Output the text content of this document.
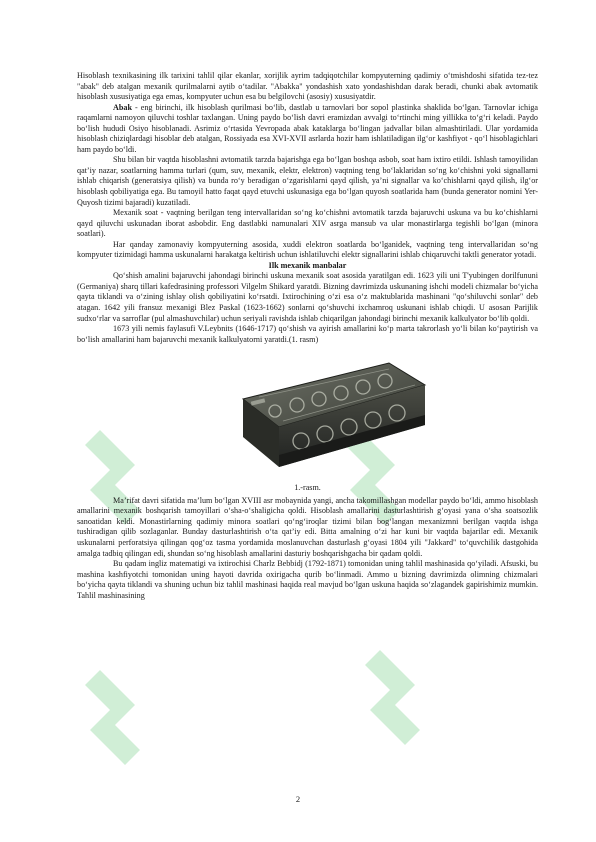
Hisoblash texnikasining ilk tarixini tahlil qilar ekanlar, xorijlik ayrim tadqiqotchilar kompyuterning qadimiy o‘tmishdoshi sifatida tez-tez "abak" deb atalgan mexanik qurilmalarni aytib o‘tadilar. "Abakka" yondashish xato yondashishdan darak beradi, chunki abak avtomatik hisoblash xususiyatiga ega emas, kompyuter uchun esa bu belgilovchi (asosiy) xususiyatdir.

Abak - eng birinchi, ilk hisoblash qurilmasi bo‘lib, dastlab u tarnovlari bor sopol plastinka shaklida bo‘lgan. Tarnovlar ichiga raqamlarni namoyon qiluvchi toshlar taxlangan. Uning paydo bo‘lish davri eramizdan avvalgi to‘rtinchi ming yillikka to‘g‘ri keladi. Paydo bo‘lish hududi Osiyo hisoblanadi. Asrimiz o‘rtasida Yevropada abak kataklarga bo‘lingan jadvallar bilan almashtiriladi. Ular yordamida hisoblash chiziqlardagi hisoblar deb atalgan, Rossiyada esa XVI-XVII asrlarda hozir ham ishlatiladigan ilg‘or kashfiyot - qo‘l hisoblagichlari ham paydo bo‘ldi.

Shu bilan bir vaqtda hisoblashni avtomatik tarzda bajarishga ega bo‘lgan boshqa asbob, soat ham ixtiro etildi. Ishlash tamoyilidan qat’iy nazar, soatlarning hamma turlari (qum, suv, mexanik, elektr, elektron) vaqtning teng bo‘laklaridan so‘ng ko‘chishni yoki signallarni ishlab chiqarish (generatsiya qilish) va bunda ro‘y beradigan o‘zgarishlarni qayd qilish, ya’ni signallar va ko‘chishlarni qayd qilish, ilg‘or hisoblash qobiliyatiga ega. Bu tamoyil hatto faqat qayd etuvchi uskunasiga ega bo‘lgan quyosh soatlarida ham (bunda generator nomini Yer-Quyosh tizimi bajaradi) kuzatiladi.

Mexanik soat - vaqtning berilgan teng intervallaridan so‘ng ko‘chishni avtomatik tarzda bajaruvchi uskuna va bu ko‘chishlarni qayd qiluvchi uskunadan iborat asbobdir. Eng dastlabki namunalari XIV asrga mansub va ular monastirlarga tegishli bo‘lgan (minora soatlari).

Har qanday zamonaviy kompyuterning asosida, xuddi elektron soatlarda bo‘lganidek, vaqtning teng intervallaridan so‘ng kompyuter tizimidagi hamma uskunalarni harakatga keltirish uchun ishlatiluvchi elektr signallarini ishlab chiqaruvchi taktli generator yotadi.

Ilk mexanik manbalar

Qo‘shish amalini bajaruvchi jahondagi birinchi uskuna mexanik soat asosida yaratilgan edi. 1623 yili uni T'yubingen dorilfununi (Germaniya) sharq tillari kafedrasining professori Vilgelm Shikard yaratdi. Bizning davrimizda uskunaning ishchi modeli chizmalar bo‘yicha qayta tiklandi va o‘zining ishlay olish qobiliyatini ko‘rsatdi. Ixtirochining o‘zi esa o‘z maktublarida mashinani "qo‘shiluvchi sonlar" deb atagan. 1642 yili fransuz mexanigi Blez Paskal (1623-1662) sonlarni qo‘shuvchi ixchamroq uskunani ishlab chiqdi. U asosan Parijlik sudxo‘rlar va sarroflar (pul almashuvchilar) uchun seriyali ravishda ishlab chiqarilgan jahondagi birinchi mexanik kalkulyator bo‘lib qoldi.

1673 yili nemis faylasufi V.Leybnits (1646-1717) qo‘shish va ayirish amallarini ko‘p marta takrorlash yo‘li bilan ko‘paytirish va bo‘lish amallarini ham bajaruvchi mexanik kalkulyatorni yaratdi.(1. rasm)

1.-rasm.

Ma’rifat davri sifatida ma’lum bo‘lgan XVIII asr mobaynida yangi, ancha takomillashgan modellar paydo bo‘ldi, ammo hisoblash amallarini mexanik boshqarish tamoyillari o‘sha-o‘shaligicha qoldi. Hisoblash amallarini dasturlashtirish g‘oyasi yana o‘sha soatsozlik sanoatidan keldi. Monastirlarning qadimiy minora soatlari qo‘ng‘iroqlar tizimi bilan bog‘langan mexanizmni berilgan vaqtda ishga tushiradigan qilib sozlaganlar. Bunday dasturlashtirish o‘ta qat’iy edi. Bitta amalning o‘zi har kuni bir vaqtda bajarilar edi. Mexanik uskunalarni perforatsiya qilingan qog‘oz tasma yordamida moslanuvchan dasturlash g‘oyasi 1804 yili "Jakkard" to‘quvchilik dastgohida amalga tadbiq qilingan edi, shundan so‘ng hisoblash amallarini dasturiy boshqarishgacha bir qadam qoldi.

Bu qadam ingliz matematigi va ixtirochisi Charlz Bebbidj (1792-1871) tomonidan uning tahlil mashinasida qo‘yiladi. Afsuski, bu mashina kashfiyotchi tomonidan uning hayoti davrida oxirigacha qurib bo‘linmadi. Ammo u bizning davrimizda olimning chizmalari bo‘yicha qayta tiklandi va shuning uchun biz tahlil mashinasi haqida real mavjud bo‘lgan uskuna haqida so‘zlagandek gapirishimiz mumkin. Tahlil mashinasining

2
